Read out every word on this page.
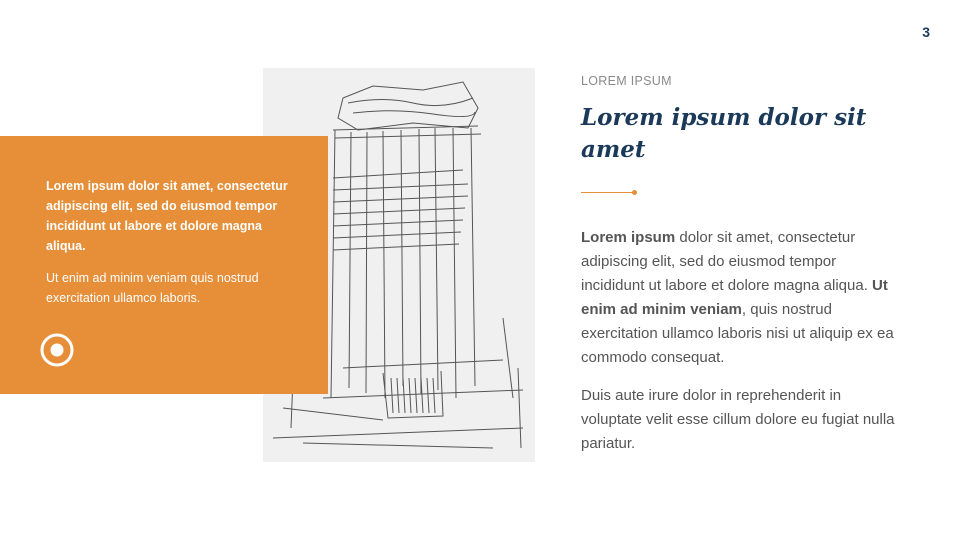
3

Lorem ipsum dolor sit amet, consectetur adipiscing elit, sed do eiusmod tempor incididunt ut labore et dolore magna aliqua.

Ut enim ad minim veniam quis nostrud exercitation ullamco laboris.

LOREM IPSUM

Lorem ipsum dolor sit amet

Lorem ipsum dolor sit amet, consectetur adipiscing elit, sed do eiusmod tempor incididunt ut labore et dolore magna aliqua. Ut enim ad minim veniam, quis nostrud exercitation ullamco laboris nisi ut aliquip ex ea commodo consequat.

Duis aute irure dolor in reprehenderit in voluptate velit esse cillum dolore eu fugiat nulla pariatur.
